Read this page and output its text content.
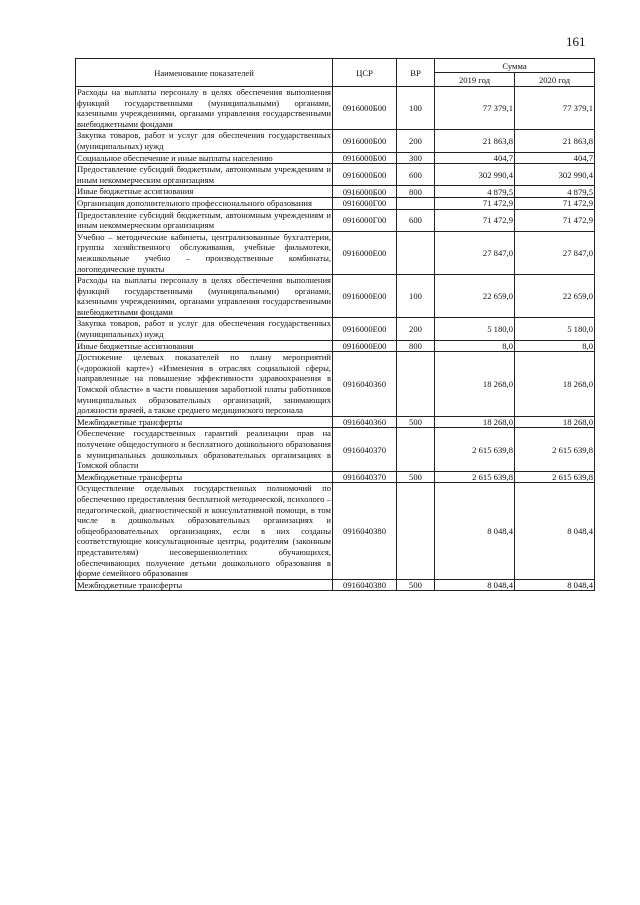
161
Наименование показателей	ЦСР	ВР	Сумма	
			2019 год	2020 год
Расходы на выплаты персоналу в целях обеспечения выполнения функций государственными (муниципальными) органами, казенными учреждениями, органами управления государственными внебюджетными фондами	0916000Б00	100	77 379,1	77 379,1
Закупка товаров, работ и услуг для обеспечения государственных (муниципальных) нужд	0916000Б00	200	21 863,8	21 863,8
Социальное обеспечение и иные выплаты населению	0916000Б00	300	404,7	404,7
Предоставление субсидий бюджетным, автономным учреждениям и иным некоммерческим организациям	0916000Б00	600	302 990,4	302 990,4
Иные бюджетные ассигнования	0916000Б00	800	4 879,5	4 879,5
Организация дополнительного профессионального образования	0916000Г00		71 472,9	71 472,9
Предоставление субсидий бюджетным, автономным учреждениям и иным некоммерческим организациям	0916000Г00	600	71 472,9	71 472,9
Учебно – методические кабинеты, централизованные бухгалтерии, группы хозяйственного обслуживания, учебные фильмотеки, межшкольные учебно – производственные комбинаты, логопедические пункты	0916000Е00		27 847,0	27 847,0
Расходы на выплаты персоналу в целях обеспечения выполнения функций государственными (муниципальными) органами, казенными учреждениями, органами управления государственными внебюджетными фондами	0916000Е00	100	22 659,0	22 659,0
Закупка товаров, работ и услуг для обеспечения государственных (муниципальных) нужд	0916000Е00	200	5 180,0	5 180,0
Иные бюджетные ассигнования	0916000Е00	800	8,0	8,0
Достижение целевых показателей по плану мероприятий («дорожной карте») «Изменения в отраслях социальной сферы, направленные на повышение эффективности здравоохранения в Томской области» в части повышения заработной платы работников муниципальных образовательных организаций, занимающих должности врачей, а также среднего медицинского персонала	0916040360		18 268,0	18 268,0
Межбюджетные трансферты	0916040360	500	18 268,0	18 268,0
Обеспечение государственных гарантий реализации прав на получение общедоступного и бесплатного дошкольного образования в муниципальных дошкольных образовательных организациях в Томской области	0916040370		2 615 639,8	2 615 639,8
Межбюджетные трансферты	0916040370	500	2 615 639,8	2 615 639,8
Осуществление отдельных государственных полномочий по обеспечению предоставления бесплатной методической, психолого – педагогической, диагностической и консультативной помощи, в том числе в дошкольных образовательных организациях и общеобразовательных организациях, если в них созданы соответствующие консультационные центры, родителям (законным представителям) несовершеннолетних обучающихся, обеспечивающих получение детьми дошкольного образования в форме семейного образования	0916040380		8 048,4	8 048,4
Межбюджетные трансферты	0916040380	500	8 048,4	8 048,4
